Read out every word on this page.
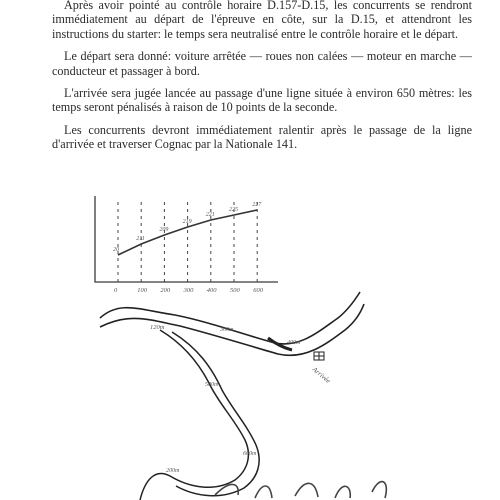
Après avoir pointé au contrôle horaire D.157-D.15, les concurrents se rendront immédiatement au départ de l'épreuve en côte, sur la D.15, et attendront les instructions du starter: le temps sera neutralisé entre le contrôle horaire et le départ.

Le départ sera donné: voiture arrêtée — roues non calées — moteur en marche — conducteur et passager à bord.

L'arrivée sera jugée lancée au passage d'une ligne située à environ 650 mètres: les temps seront pénalisés à raison de 10 points de la seconde.

Les concurrents devront immédiatement ralentir après le passage de la ligne d'arrivée et traverser Cognac par la Nationale 141.

20
211
209
219
221
225
227
0	100 200 300 400 500 600
120m	300m
400m
500m
600m
200m
Arrivée
